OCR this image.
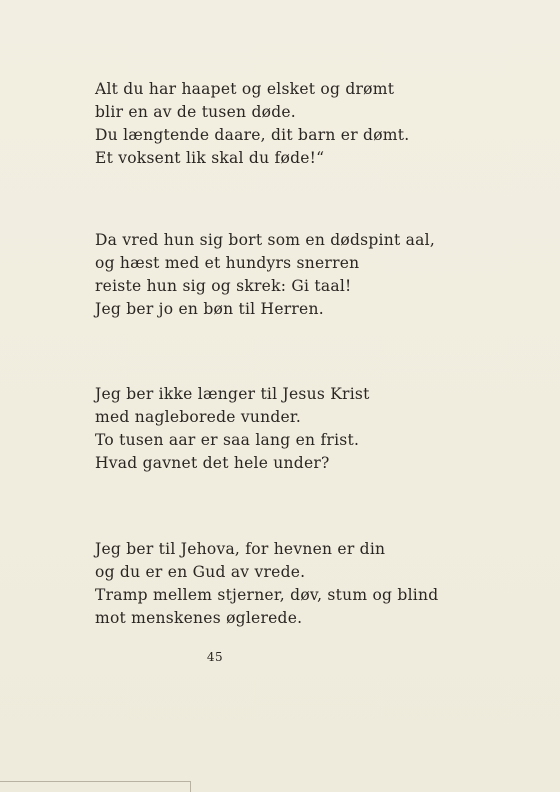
Alt du har haapet og elsket og drømt
blir en av de tusen døde.
Du længtende daare, dit barn er dømt.
Et voksent lik skal du føde!“
Da vred hun sig bort som en dødspint aal,
og hæst med et hundyrs snerren
reiste hun sig og skrek: Gi taal!
Jeg ber jo en bøn til Herren.
Jeg ber ikke længer til Jesus Krist
med nagleborede vunder.
To tusen aar er saa lang en frist.
Hvad gavnet det hele under?
Jeg ber til Jehova, for hevnen er din
og du er en Gud av vrede.
Tramp mellem stjerner, døv, stum og blind
mot menskenes øglerede.
45
